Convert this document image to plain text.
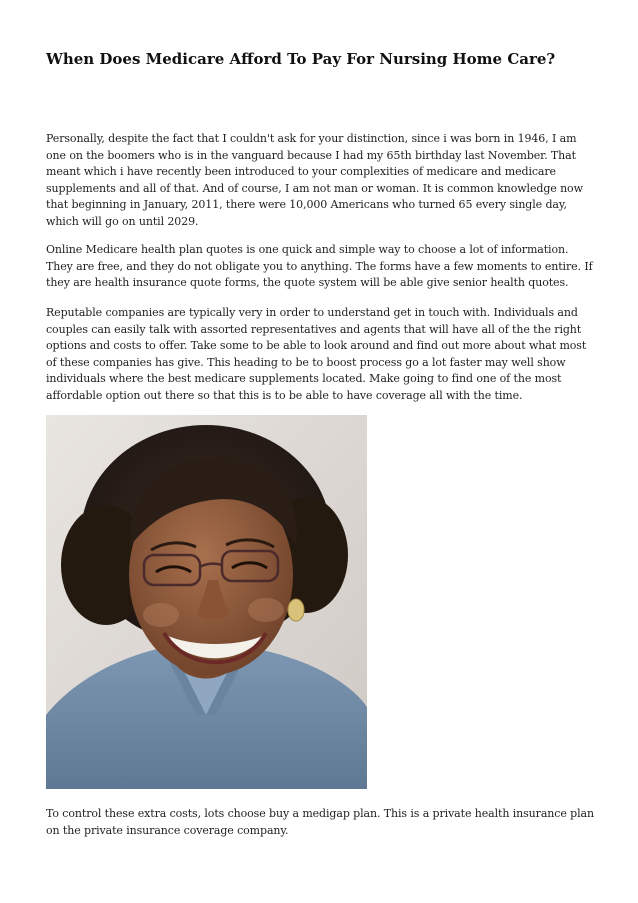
When Does Medicare Afford To Pay For Nursing Home Care?

Personally, despite the fact that I couldn't ask for your distinction, since i was born in 1946, I am one on the boomers who is in the vanguard because I had my 65th birthday last November. That meant which i have recently been introduced to your complexities of medicare and medicare supplements and all of that. And of course, I am not man or woman. It is common knowledge now that beginning in January, 2011, there were 10,000 Americans who turned 65 every single day, which will go on until 2029.

Online Medicare health plan quotes is one quick and simple way to choose a lot of information. They are free, and they do not obligate you to anything. The forms have a few moments to entire. If they are health insurance quote forms, the quote system will be able give senior health quotes.

Reputable companies are typically very in order to understand get in touch with. Individuals and couples can easily talk with assorted representatives and agents that will have all of the the right options and costs to offer. Take some to be able to look around and find out more about what most of these companies has give. This heading to be to boost process go a lot faster may well show individuals where the best medicare supplements located. Make going to find one of the most affordable option out there so that this is to be able to have coverage all with the time.

To control these extra costs, lots choose buy a medigap plan. This is a private health insurance plan on the private insurance coverage company.
